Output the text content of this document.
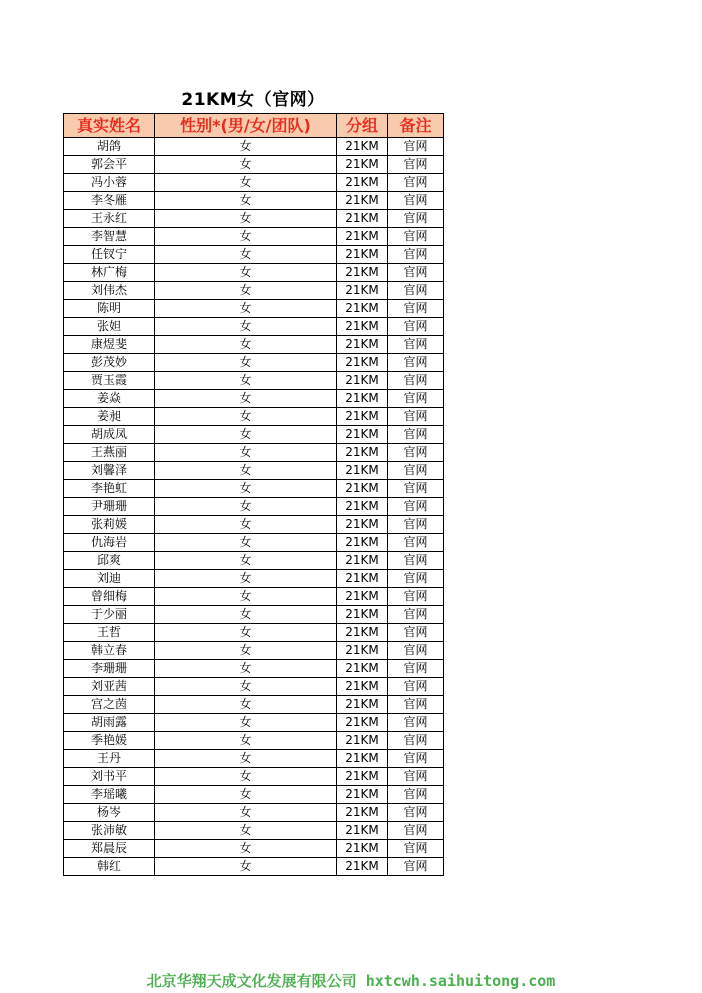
21KM女（官网）
真实姓名	性别*(男/女/团队)	分组	备注
胡鸽	女	21KM	官网
郭会平	女	21KM	官网
冯小蓉	女	21KM	官网
李冬雁	女	21KM	官网
王永红	女	21KM	官网
李智慧	女	21KM	官网
任钗宁	女	21KM	官网
林广梅	女	21KM	官网
刘伟杰	女	21KM	官网
陈明	女	21KM	官网
张妲	女	21KM	官网
康煜斐	女	21KM	官网
彭茂妙	女	21KM	官网
贾玉霞	女	21KM	官网
姜焱	女	21KM	官网
姜昶	女	21KM	官网
胡成凤	女	21KM	官网
王燕丽	女	21KM	官网
刘馨泽	女	21KM	官网
李艳虹	女	21KM	官网
尹珊珊	女	21KM	官网
张莉媛	女	21KM	官网
仇海岩	女	21KM	官网
邱爽	女	21KM	官网
刘迪	女	21KM	官网
曾细梅	女	21KM	官网
于少丽	女	21KM	官网
王哲	女	21KM	官网
韩立春	女	21KM	官网
李珊珊	女	21KM	官网
刘亚茜	女	21KM	官网
宫之茵	女	21KM	官网
胡雨露	女	21KM	官网
季艳媛	女	21KM	官网
王丹	女	21KM	官网
刘书平	女	21KM	官网
李瑶曦	女	21KM	官网
杨岑	女	21KM	官网
张沛敏	女	21KM	官网
郑晨辰	女	21KM	官网
韩红	女	21KM	官网
北京华翔天成文化发展有限公司 hxtcwh.saihuitong.com
